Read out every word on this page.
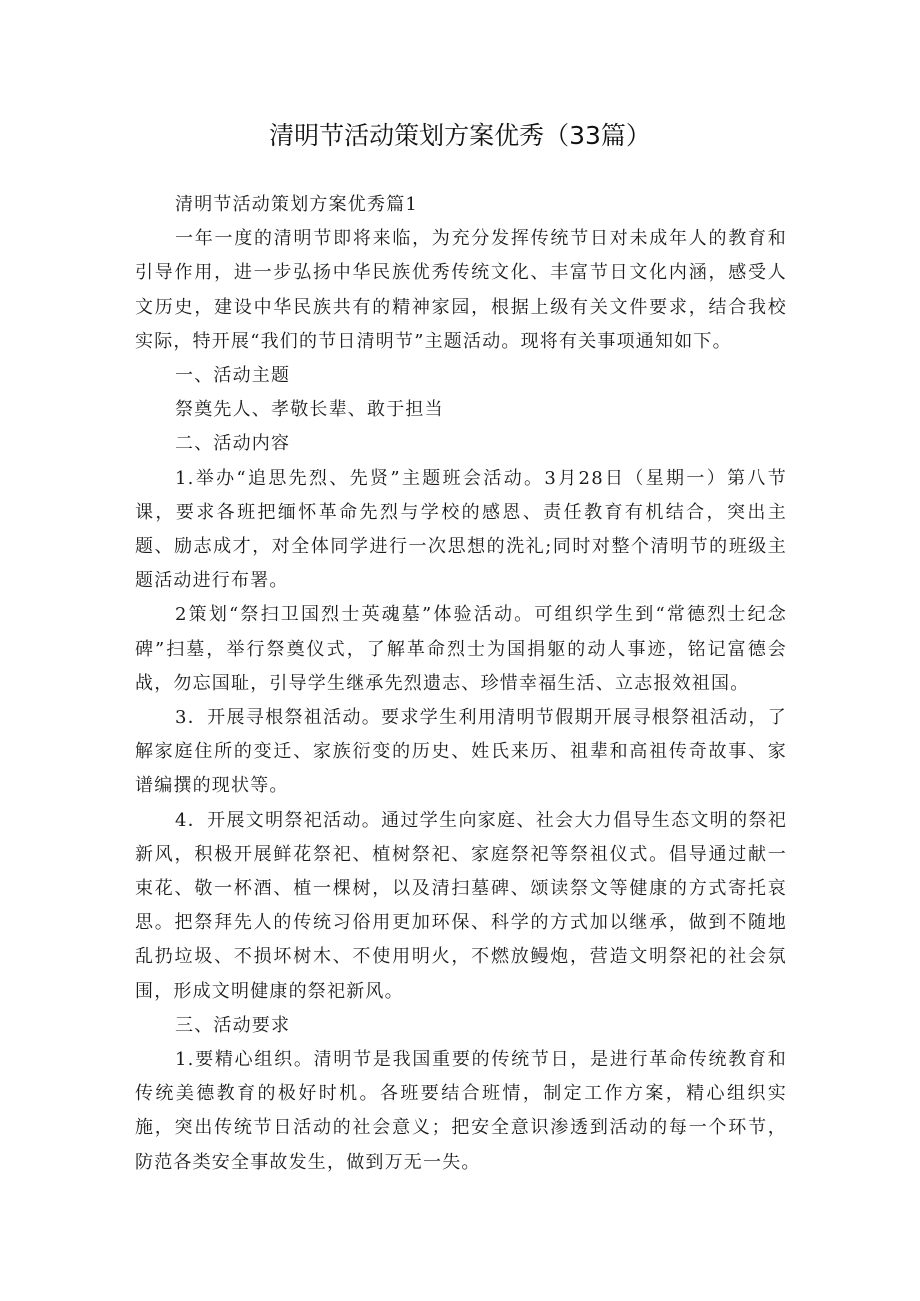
清明节活动策划方案优秀（33篇）

清明节活动策划方案优秀篇1

一年一度的清明节即将来临，为充分发挥传统节日对未成年人的教育和引导作用，进一步弘扬中华民族优秀传统文化、丰富节日文化内涵，感受人文历史，建设中华民族共有的精神家园，根据上级有关文件要求，结合我校实际，特开展“我们的节日清明节”主题活动。现将有关事项通知如下。

一、活动主题

祭奠先人、孝敬长辈、敢于担当

二、活动内容

1.举办“追思先烈、先贤”主题班会活动。3月28日（星期一）第八节课，要求各班把缅怀革命先烈与学校的感恩、责任教育有机结合，突出主题、励志成才，对全体同学进行一次思想的洗礼;同时对整个清明节的班级主题活动进行布署。

2策划“祭扫卫国烈士英魂墓”体验活动。可组织学生到“常德烈士纪念碑”扫墓，举行祭奠仪式，了解革命烈士为国捐躯的动人事迹，铭记富德会战，勿忘国耻，引导学生继承先烈遗志、珍惜幸福生活、立志报效祖国。

3．开展寻根祭祖活动。要求学生利用清明节假期开展寻根祭祖活动，了解家庭住所的变迁、家族衍变的历史、姓氏来历、祖辈和高祖传奇故事、家谱编撰的现状等。

4．开展文明祭祀活动。通过学生向家庭、社会大力倡导生态文明的祭祀新风，积极开展鲜花祭祀、植树祭祀、家庭祭祀等祭祖仪式。倡导通过献一束花、敬一杯酒、植一棵树，以及清扫墓碑、颂读祭文等健康的方式寄托哀思。把祭拜先人的传统习俗用更加环保、科学的方式加以继承，做到不随地乱扔垃圾、不损坏树木、不使用明火，不燃放鳗炮，营造文明祭祀的社会氛围，形成文明健康的祭祀新风。

三、活动要求

1.要精心组织。清明节是我国重要的传统节日，是进行革命传统教育和传统美德教育的极好时机。各班要结合班情，制定工作方案，精心组织实施，突出传统节日活动的社会意义；把安全意识渗透到活动的每一个环节，防范各类安全事故发生，做到万无一失。
